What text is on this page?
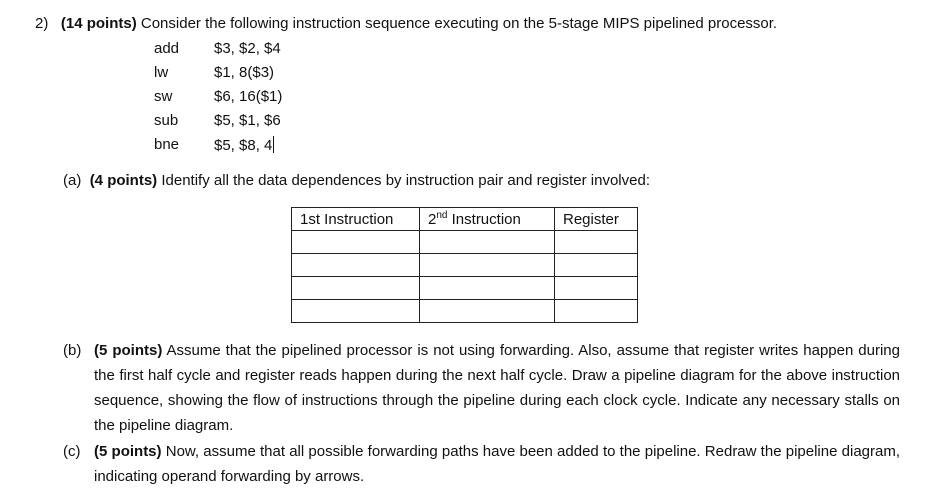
2) (14 points) Consider the following instruction sequence executing on the 5-stage MIPS pipelined processor.
add $3, $2, $4
lw	$1, 8($3)
sw	$6, 16($1)
sub $5, $1, $6
bne $5, $8, 4
(a) (4 points) Identify all the data dependences by instruction pair and register involved:
1st Instruction	2nd Instruction	Register

(b) (5 points) Assume that the pipelined processor is not using forwarding. Also, assume that register writes happen during the first half cycle and register reads happen during the next half cycle. Draw a pipeline diagram for the above instruction sequence, showing the flow of instructions through the pipeline during each clock cycle. Indicate any necessary stalls on the pipeline diagram.
(c) (5 points) Now, assume that all possible forwarding paths have been added to the pipeline. Redraw the pipeline diagram, indicating operand forwarding by arrows.
